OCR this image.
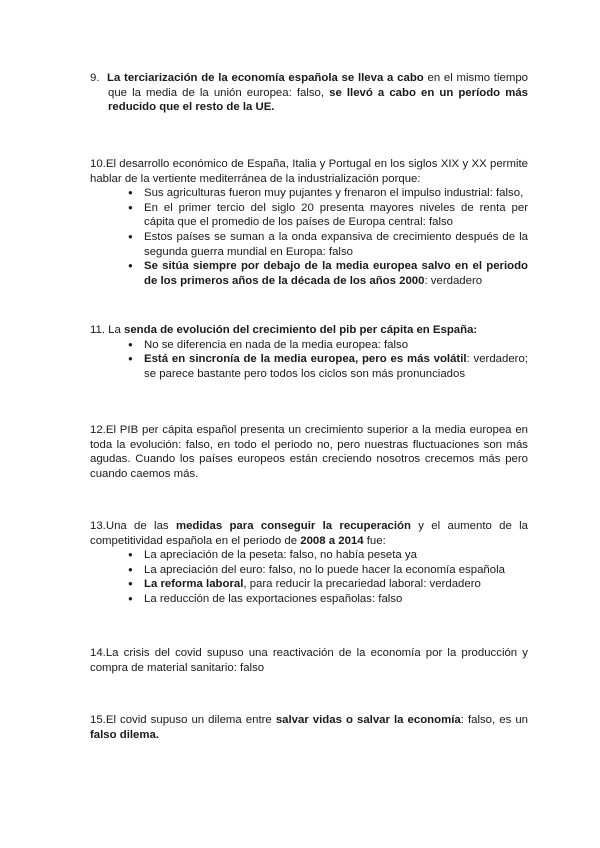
9. La terciarización de la economía española se lleva a cabo en el mismo tiempo que la media de la unión europea: falso, se llevó a cabo en un período más reducido que el resto de la UE.
10.El desarrollo económico de España, Italia y Portugal en los siglos XIX y XX permite hablar de la vertiente mediterránea de la industrialización porque:
● Sus agriculturas fueron muy pujantes y frenaron el impulso industrial: falso,
● En el primer tercio del siglo 20 presenta mayores niveles de renta per cápita que el promedio de los países de Europa central: falso
● Estos países se suman a la onda expansiva de crecimiento después de la segunda guerra mundial en Europa: falso
● Se sitúa siempre por debajo de la media europea salvo en el periodo de los primeros años de la década de los años 2000: verdadero
11. La senda de evolución del crecimiento del pib per cápita en España:
● No se diferencia en nada de la media europea: falso
● Está en sincronía de la media europea, pero es más volátil: verdadero; se parece bastante pero todos los ciclos son más pronunciados
12.El PIB per cápita español presenta un crecimiento superior a la media europea en toda la evolución: falso, en todo el periodo no, pero nuestras fluctuaciones son más agudas. Cuando los países europeos están creciendo nosotros crecemos más pero cuando caemos más.
13.Una de las medidas para conseguir la recuperación y el aumento de la competitividad española en el periodo de 2008 a 2014 fue:
● La apreciación de la peseta: falso, no había peseta ya
● La apreciación del euro: falso, no lo puede hacer la economía española
● La reforma laboral, para reducir la precariedad laboral: verdadero
● La reducción de las exportaciones españolas: falso
14.La crisis del covid supuso una reactivación de la economía por la producción y compra de material sanitario: falso
15.El covid supuso un dilema entre salvar vidas o salvar la economía: falso, es un falso dilema.
